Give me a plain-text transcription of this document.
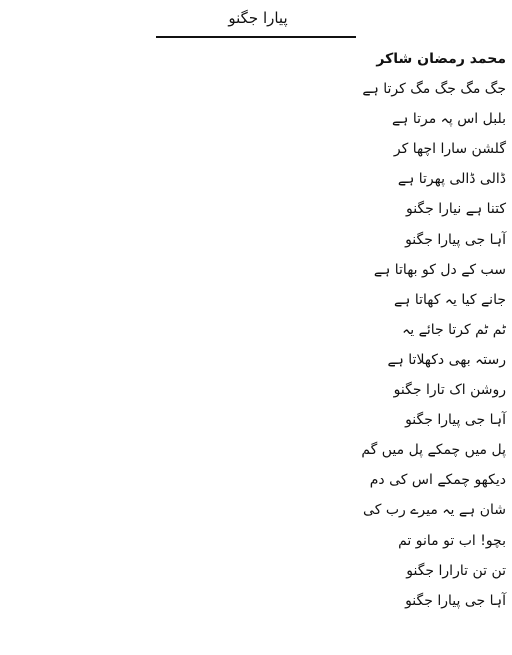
پیارا جگنو
محمد رمضان شاکر
جگ مگ جگ مگ کرتا ہے
بلبل اس پہ مرتا ہے
گلشن سارا اچھا کر
ڈالی ڈالی پھرتا ہے
کتنا ہے نیارا جگنو
آہا جی پیارا جگنو
سب کے دل کو بھاتا ہے
جانے کیا یہ کھاتا ہے
ٹم ٹم کرتا جائے یہ
رستہ بھی دکھلاتا ہے
روشن اک تارا جگنو
آہا جی پیارا جگنو
پل میں چمکے پل میں گم
دیکھو چمکے اس کی دم
شان ہے یہ میرے رب کی
بچو! اب تو مانو تم
تن تن تارارا جگنو
آہا جی پیارا جگنو
